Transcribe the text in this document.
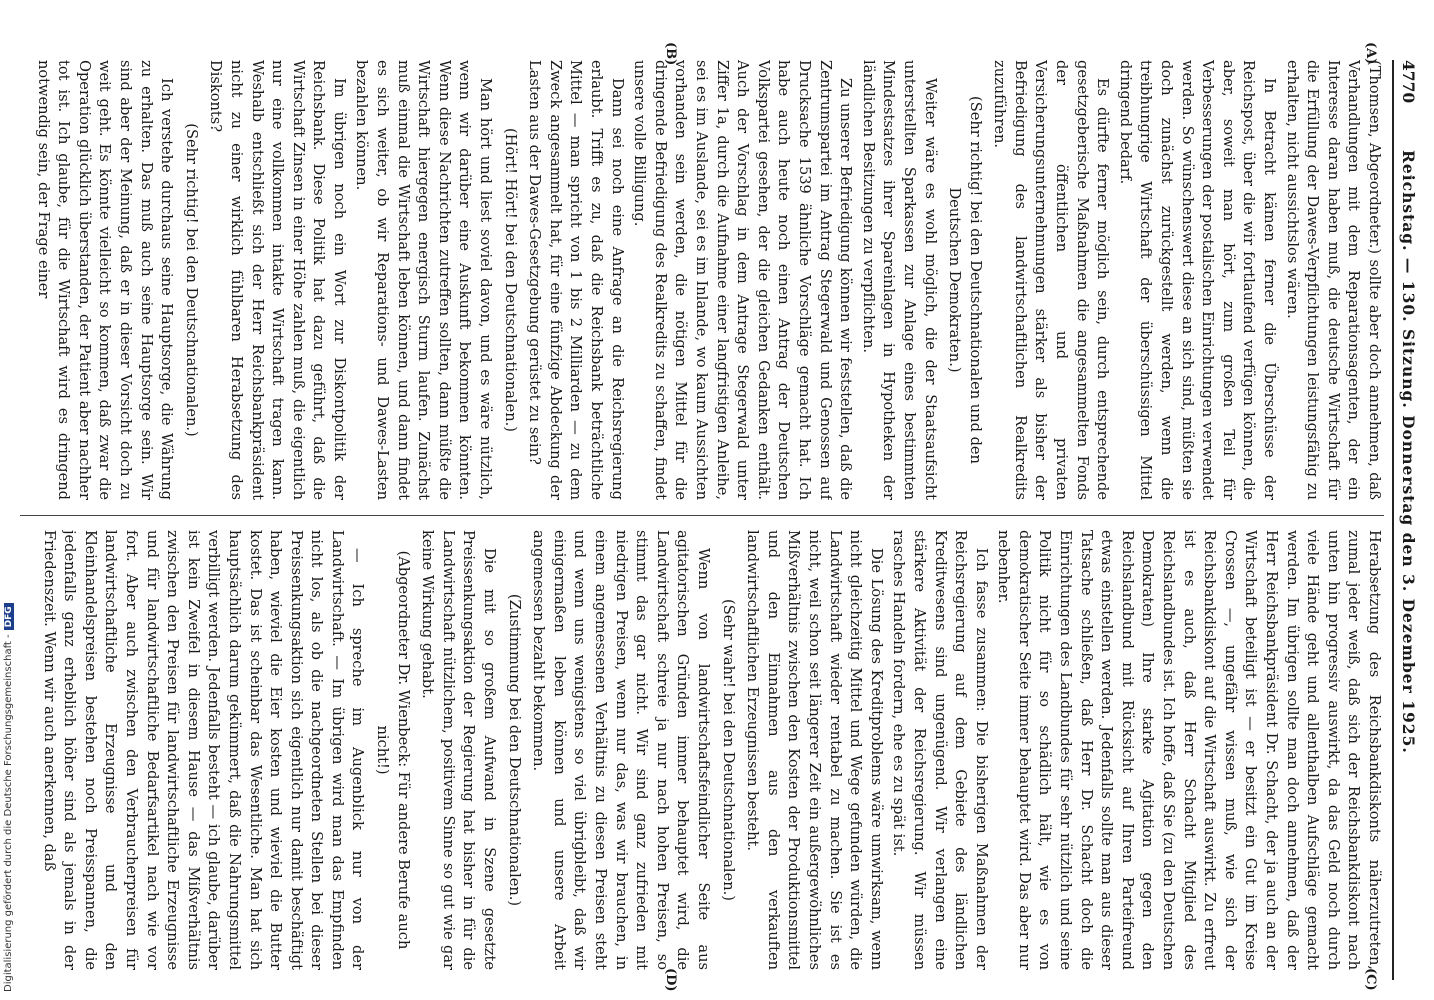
Digitalisierung gefördert durch die Deutsche Forschungsgemeinschaft -DFG
4770
Reichstag. — 130. Sitzung. Donnerstag den 3. Dezember 1925.
(A)
(B)
(C)
(D)

(Thomsen, Abgeordneter.) sollte aber doch annehmen, daß Verhandlungen mit dem Reparationsagenten, der ein Interesse daran haben muß, die deutsche Wirtschaft für die Erfüllung der Dawes-Verpflichtungen leistungsfähig zu erhalten, nicht aussichtslos wären.

In Betracht kämen ferner die Überschüsse der Reichspost, über die wir fortlaufend verfügen können, die aber, soweit man hört, zum großen Teil für Verbesserungen der postalischen Einrichtungen verwendet werden. So wünschenswert diese an sich sind, müßten sie doch zunächst zurückgestellt werden, wenn die treibhungrige Wirtschaft der überschüssigen Mittel dringend bedarf.

Es dürfte ferner möglich sein, durch entsprechende gesetzgeberische Maßnahmen die angesammelten Fonds der öffentlichen und privaten Versicherungsunternehmungen stärker als bisher der Befriedigung des landwirtschaftlichen Realkredits zuzuführen.

(Sehr richtig! bei den Deutschnationalen und den Deutschen Demokraten.)

Weiter wäre es wohl möglich, die der Staatsaufsicht unterstellten Sparkassen zur Anlage eines bestimmten Mindestsatzes ihrer Spareinlagen in Hypotheken der ländlichen Besitzungen zu verpflichten.

Zu unserer Befriedigung können wir feststellen, daß die Zentrumspartei im Antrag Stegerwald und Genossen auf Drucksache 1539 ähnliche Vorschläge gemacht hat. Ich habe auch heute noch einen Antrag der Deutschen Volkspartei gesehen, der die gleichen Gedanken enthält. Auch der Vorschlag in dem Antrage Stegerwald unter Ziffer 1a, durch die Aufnahme einer langfristigen Anleihe, sei es im Auslande, sei es im Inlande, wo kaum Aussichten vorhanden sein werden, die nötigen Mittel für die dringende Befriedigung des Realkredits zu schaffen, findet unsere volle Billigung.

Dann sei noch eine Anfrage an die Reichsregierung erlaubt. Trifft es zu, daß die Reichsbank beträchtliche Mittel — man spricht von 1 bis 2 Milliarden — zu dem Zweck angesammelt hat, für eine fünfzige Abdeckung der Lasten aus der Dawes-Gesetzgebung gerüstet zu sein?

(Hört! Hört! bei den Deutschnationalen.)

Man hört und liest soviel davon, und es wäre nützlich, wenn wir darüber eine Auskunft bekommen könnten. Wenn diese Nachrichten zutreffen sollten, dann müßte die Wirtschaft hiergegen energisch Sturm laufen. Zunächst muß einmal die Wirtschaft leben können, und dann findet es sich weiter, ob wir Reparations- und Dawes-Lasten bezahlen können.

Im übrigen noch ein Wort zur Diskontpolitik der Reichsbank. Diese Politik hat dazu geführt, daß die Wirtschaft Zinsen in einer Höhe zahlen muß, die eigentlich nur eine vollkommen intakte Wirtschaft tragen kann. Weshalb entschließt sich der Herr Reichsbankpräsident nicht zu einer wirklich fühlbaren Herabsetzung des Diskonts?

(Sehr richtig! bei den Deutschnationalen.)

Ich verstehe durchaus seine Hauptsorge, die Währung zu erhalten. Das muß auch seine Hauptsorge sein. Wir sind aber der Meinung, daß er in dieser Vorsicht doch zu weit geht. Es könnte vielleicht so kommen, daß zwar die Operation glücklich überstanden, der Patient aber nachher tot ist. Ich glaube, für die Wirtschaft wird es dringend notwendig sein, der Frage einer

Herabsetzung des Reichsbankdiskonts näherzutreten, zumal jeder weiß, daß sich der Reichsbankdiskont nach unten hin progressiv auswirkt, da das Geld noch durch viele Hände geht und allenthalben Aufschläge gemacht werden. Im übrigen sollte man doch annehmen, daß der Herr Reichsbankpräsident Dr. Schacht, der ja auch an der Wirtschaft beteiligt ist — er besitzt ein Gut im Kreise Crossen —, ungefähr wissen muß, wie sich der Reichsbankdiskont auf die Wirtschaft auswirkt. Zu erfreut ist es auch, daß Herr Schacht Mitglied des Reichslandbundes ist. Ich hoffe, daß Sie (zu den Deutschen Demokraten) Ihre starke Agitation gegen den Reichslandbund mit Rücksicht auf Ihren Parteifreund etwas einstellen werden. Jedenfalls sollte man aus dieser Tatsache schließen, daß Herr Dr. Schacht doch die Einrichtungen des Landbundes für sehr nützlich und seine Politik nicht für so schädlich hält, wie es von demokratischer Seite immer behauptet wird. Das aber nur nebenher.

Ich fasse zusammen: Die bisherigen Maßnahmen der Reichsregierung auf dem Gebiete des ländlichen Kreditwesens sind ungenügend. Wir verlangen eine stärkere Aktivität der Reichsregierung. Wir müssen rasches Handeln fordern, ehe es zu spät ist.

Die Lösung des Kreditproblems wäre umwirksam, wenn nicht gleichzeitig Mittel und Wege gefunden würden, die Landwirtschaft wieder rentabel zu machen. Sie ist es nicht, weil schon seit längerer Zeit ein außergewöhnliches Mißverhältnis zwischen den Kosten der Produktionsmittel und den Einnahmen aus den verkauften landwirtschaftlichen Erzeugnissen besteht.

(Sehr wahr! bei den Deutschnationalen.)

Wenn von landwirtschaftsfeindlicher Seite aus agitatorischen Gründen immer behauptet wird, die Landwirtschaft schreie ja nur nach hohen Preisen, so stimmt das gar nicht. Wir sind ganz zufrieden mit niedrigen Preisen, wenn nur das, was wir brauchen, in einem angemessenen Verhältnis zu diesen Preisen steht und wenn uns wenigstens so viel übrigbleibt, daß wir einigermaßen leben können und unsere Arbeit angemessen bezahlt bekommen.

(Zustimmung bei den Deutschnationalen.)

Die mit so großem Aufwand in Szene gesetzte Preissenkungsaktion der Regierung hat bisher in für die Landwirtschaft nützlichem, positivem Sinne so gut wie gar keine Wirkung gehabt.

(Abgeordneter Dr. Wienbeck: Für andere Berufe auch nicht!)

— Ich spreche im Augenblick nur von der Landwirtschaft. — Im übrigen wird man das Empfinden nicht los, als ob die nachgeordneten Stellen bei dieser Preissenkungsaktion sich eigentlich nur damit beschäftigt haben, wieviel die Eier kosten und wieviel die Butter kostet. Das ist scheinbar das Wesentliche. Man hat sich hauptsächlich darum gekümmert, daß die Nahrungsmittel verbilligt werden. Jedenfalls besteht — ich glaube, darüber ist kein Zweifel in diesem Hause — das Mißverhältnis zwischen den Preisen für landwirtschaftliche Erzeugnisse und für landwirtschaftliche Bedarfsartikel nach wie vor fort. Aber auch zwischen den Verbraucherpreisen für landwirtschaftliche Erzeugnisse und den Kleinhandelspreisen bestehen noch Preisspannen, die jedenfalls ganz erheblich höher sind als jemals in der Friedenszeit. Wenn wir auch anerkennen, daß
